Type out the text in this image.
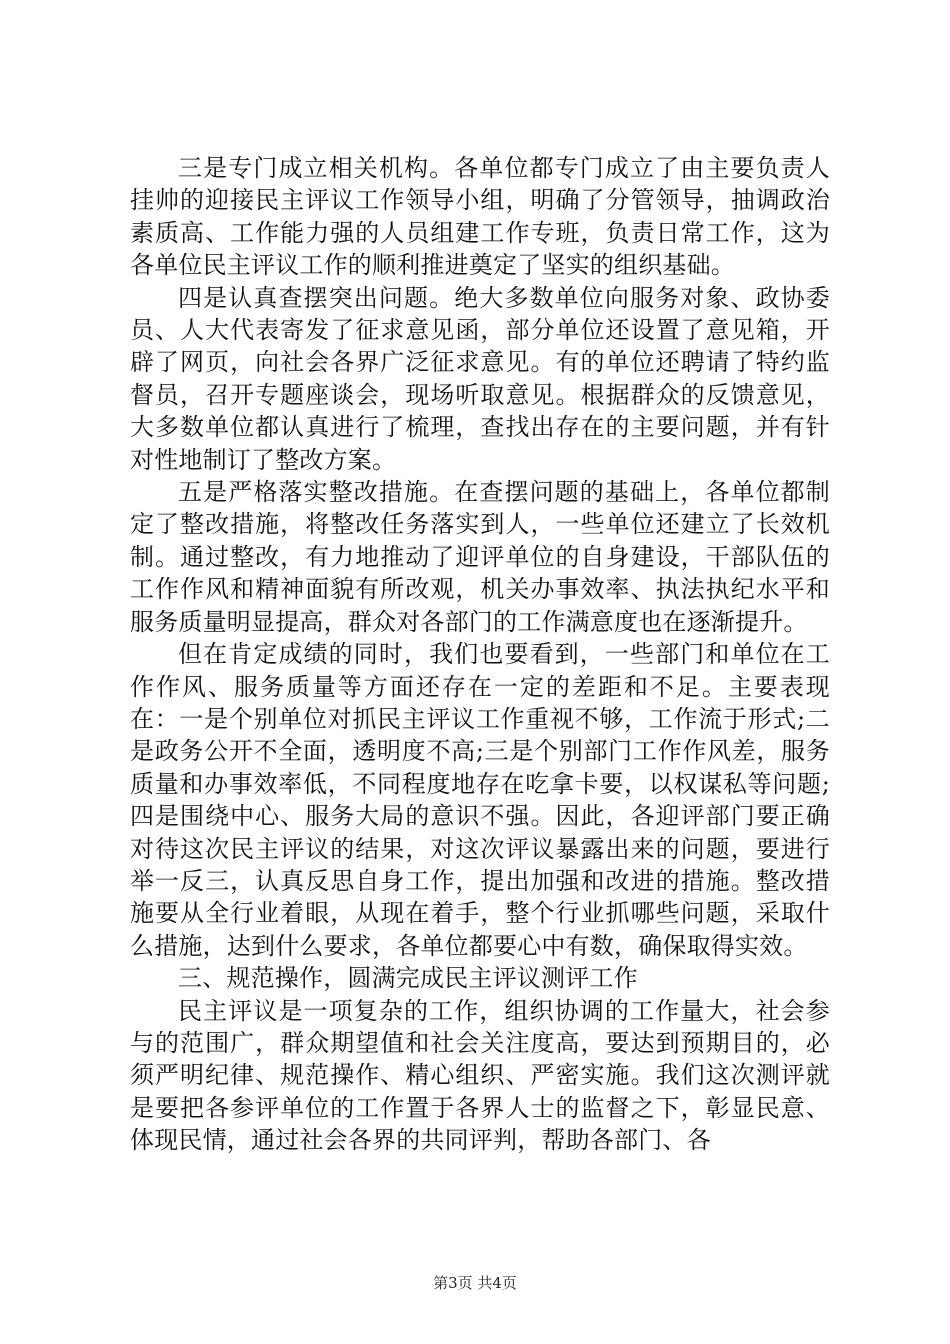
三是专门成立相关机构。各单位都专门成立了由主要负责人挂帅的迎接民主评议工作领导小组，明确了分管领导，抽调政治素质高、工作能力强的人员组建工作专班，负责日常工作，这为各单位民主评议工作的顺利推进奠定了坚实的组织基础。

四是认真查摆突出问题。绝大多数单位向服务对象、政协委员、人大代表寄发了征求意见函，部分单位还设置了意见箱，开辟了网页，向社会各界广泛征求意见。有的单位还聘请了特约监督员，召开专题座谈会，现场听取意见。根据群众的反馈意见，大多数单位都认真进行了梳理，查找出存在的主要问题，并有针对性地制订了整改方案。

五是严格落实整改措施。在查摆问题的基础上，各单位都制定了整改措施，将整改任务落实到人，一些单位还建立了长效机制。通过整改，有力地推动了迎评单位的自身建设，干部队伍的工作作风和精神面貌有所改观，机关办事效率、执法执纪水平和服务质量明显提高，群众对各部门的工作满意度也在逐渐提升。

但在肯定成绩的同时，我们也要看到，一些部门和单位在工作作风、服务质量等方面还存在一定的差距和不足。主要表现在：一是个别单位对抓民主评议工作重视不够，工作流于形式;二是政务公开不全面，透明度不高;三是个别部门工作作风差，服务质量和办事效率低，不同程度地存在吃拿卡要，以权谋私等问题;四是围绕中心、服务大局的意识不强。因此，各迎评部门要正确对待这次民主评议的结果，对这次评议暴露出来的问题，要进行举一反三，认真反思自身工作，提出加强和改进的措施。整改措施要从全行业着眼，从现在着手，整个行业抓哪些问题，采取什么措施，达到什么要求，各单位都要心中有数，确保取得实效。

三、规范操作，圆满完成民主评议测评工作

民主评议是一项复杂的工作，组织协调的工作量大，社会参与的范围广，群众期望值和社会关注度高，要达到预期目的，必须严明纪律、规范操作、精心组织、严密实施。我们这次测评就是要把各参评单位的工作置于各界人士的监督之下，彰显民意、体现民情，通过社会各界的共同评判，帮助各部门、各

第3页 共4页
